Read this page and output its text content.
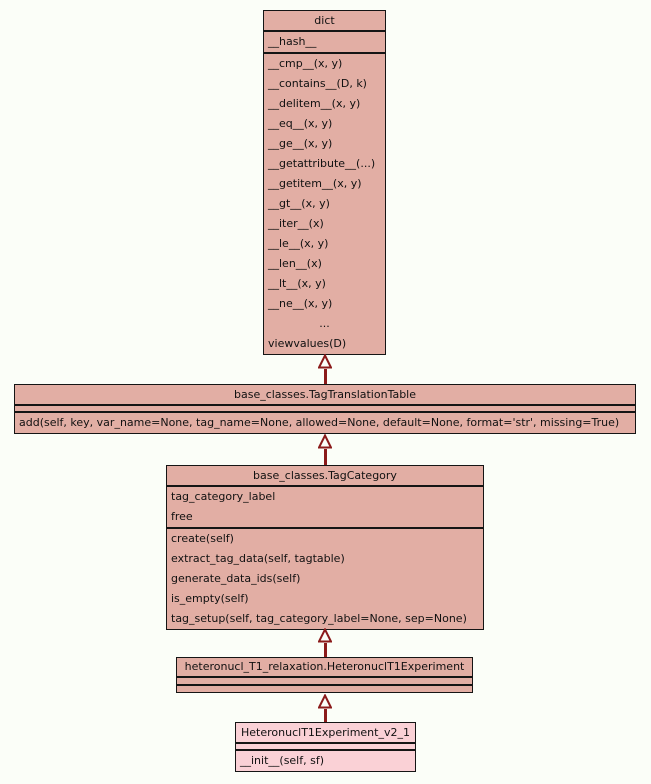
dict
__hash__
__cmp__(x, y)
__contains__(D, k)
__delitem__(x, y)
__eq__(x, y)
__ge__(x, y)
__getattribute__(...)
__getitem__(x, y)
__gt__(x, y)
__iter__(x)
__le__(x, y)
__len__(x)
__lt__(x, y)
__ne__(x, y)
...
viewvalues(D)
base_classes.TagTranslationTable
add(self, key, var_name=None, tag_name=None, allowed=None, default=None, format='str', missing=True)
base_classes.TagCategory
tag_category_label
free
create(self)
extract_tag_data(self, tagtable)
generate_data_ids(self)
is_empty(self)
tag_setup(self, tag_category_label=None, sep=None)
heteronucl_T1_relaxation.HeteronuclT1Experiment
HeteronuclT1Experiment_v2_1
__init__(self, sf)
